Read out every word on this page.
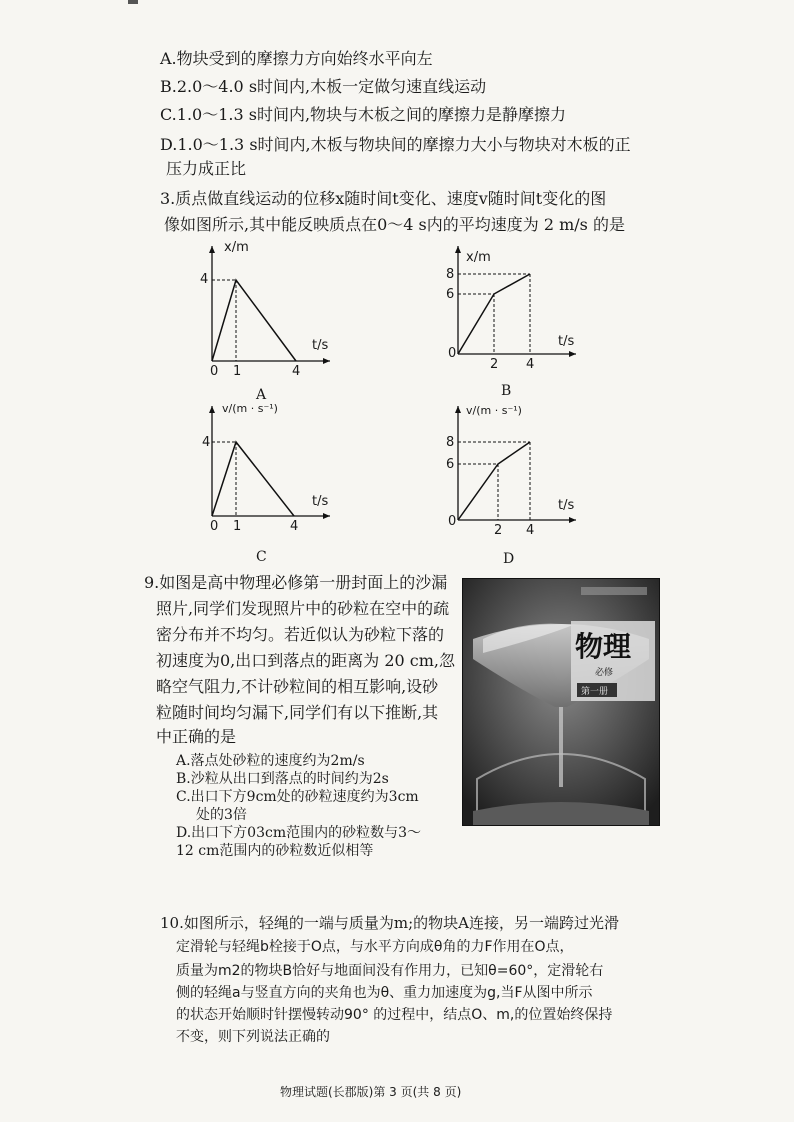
A.物块受到的摩擦力方向始终水平向左
B.2.0～4.0 s时间内,木板一定做匀速直线运动
C.1.0～1.3 s时间内,物块与木板之间的摩擦力是静摩擦力
D.1.0～1.3 s时间内,木板与物块间的摩擦力大小与物块对木板的正
压力成正比
3.质点做直线运动的位移x随时间t变化、速度v随时间t变化的图
像如图所示,其中能反映质点在0～4 s内的平均速度为 2 m/s 的是
x/m
t/s
4
0 1	4
A
x/m
t/s
8
6
0
2 4
B
v/(m · s⁻¹)
t/s
4
0 1	4
C
v/(m · s⁻¹)
t/s
8
6
0
2 4
D
9.如图是高中物理必修第一册封面上的沙漏
照片,同学们发现照片中的砂粒在空中的疏
密分布并不均匀。若近似认为砂粒下落的
初速度为0,出口到落点的距离为 20 cm,忽
略空气阻力,不计砂粒间的相互影响,设砂
粒随时间均匀漏下,同学们有以下推断,其
中正确的是
A.落点处砂粒的速度约为2m/s
B.沙粒从出口到落点的时间约为2s
C.出口下方9cm处的砂粒速度约为3cm
处的3倍
D.出口下方03cm范围内的砂粒数与3～
12 cm范围内的砂粒数近似相等
物理
必修
第一册
10.如图所示，轻绳的一端与质量为m;的物块A连接，另一端跨过光滑
定滑轮与轻绳b栓接于O点，与水平方向成θ角的力F作用在O点，
质量为m2的物块B恰好与地面间没有作用力，已知θ=60°，定滑轮右
侧的轻绳a与竖直方向的夹角也为θ、重力加速度为g,当F从图中所示
的状态开始顺时针摆慢转动90° 的过程中，结点O、m,的位置始终保持
不变，则下列说法正确的
物理试题(长郡版)第 3 页(共 8 页)
